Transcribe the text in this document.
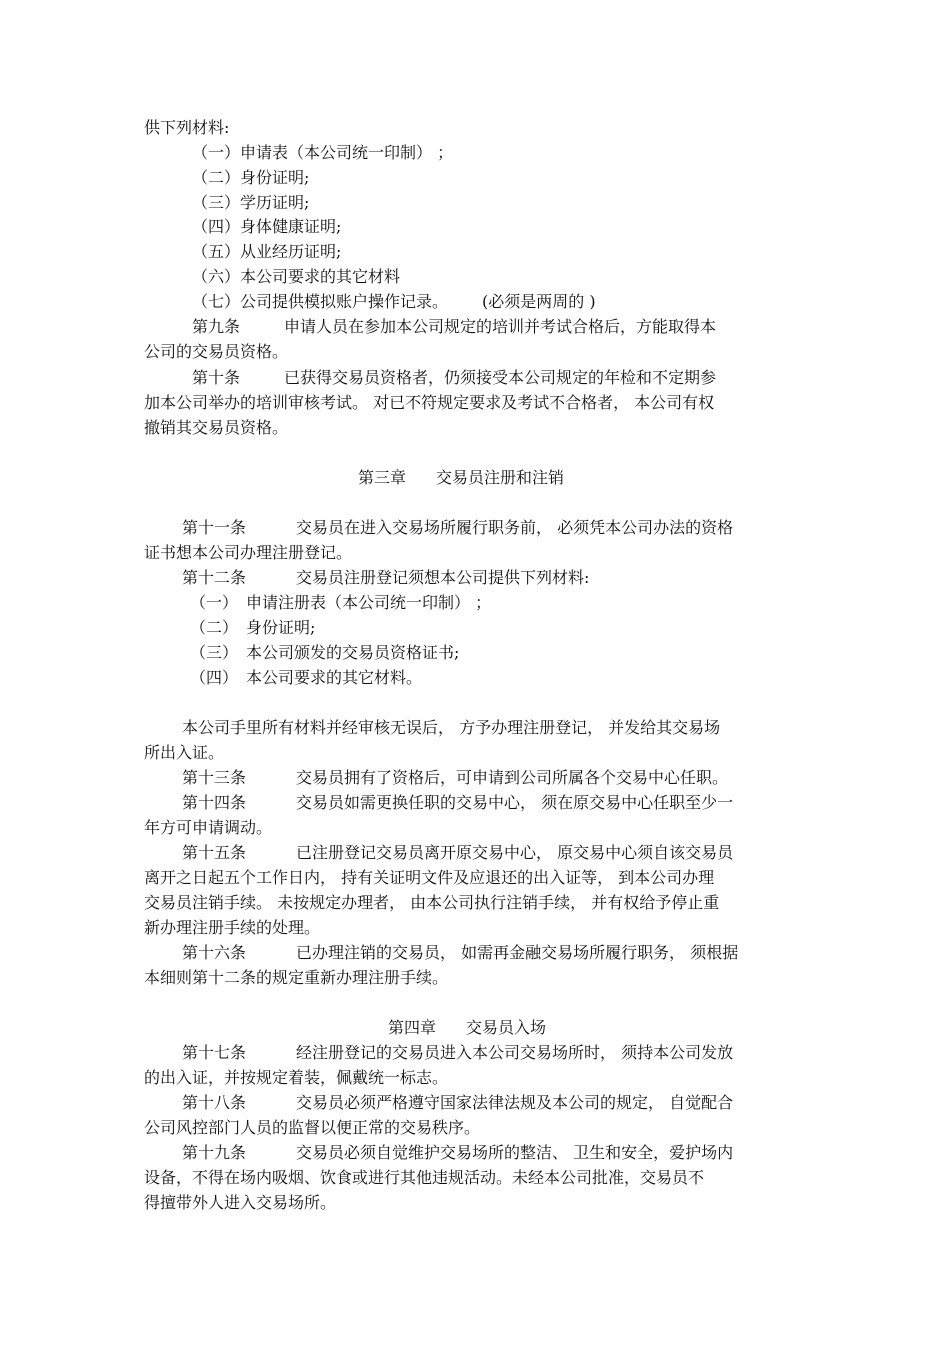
供下列材料:

（一）申请表（本公司统一印制） ；

（二）身份证明;

（三）学历证明;

（四）身体健康证明;

（五）从业经历证明;

（六）本公司要求的其它材料

（七）公司提供模拟账户操作记录。 (必须是两周的 )

第九条	申请人员在参加本公司规定的培训并考试合格后，方能取得本

公司的交易员资格。

第十条	已获得交易员资格者，仍须接受本公司规定的年检和不定期参

加本公司举办的培训审核考试。 对已不符规定要求及考试不合格者， 本公司有权

撤销其交易员资格。

第三章 交易员注册和注销

第十一条	交易员在进入交易场所履行职务前， 必须凭本公司办法的资格

证书想本公司办理注册登记。

第十二条	交易员注册登记须想本公司提供下列材料:

（一） 申请注册表（本公司统一印制） ；

（二） 身份证明;

（三） 本公司颁发的交易员资格证书;

（四） 本公司要求的其它材料。

本公司手里所有材料并经审核无误后， 方予办理注册登记， 并发给其交易场

所出入证。

第十三条	交易员拥有了资格后，可申请到公司所属各个交易中心任职。

第十四条	交易员如需更换任职的交易中心， 须在原交易中心任职至少一

年方可申请调动。

第十五条	已注册登记交易员离开原交易中心， 原交易中心须自该交易员

离开之日起五个工作日内， 持有关证明文件及应退还的出入证等， 到本公司办理

交易员注销手续。 未按规定办理者， 由本公司执行注销手续， 并有权给予停止重

新办理注册手续的处理。

第十六条	已办理注销的交易员， 如需再金融交易场所履行职务， 须根据

本细则第十二条的规定重新办理注册手续。

第四章 交易员入场

第十七条	经注册登记的交易员进入本公司交易场所时， 须持本公司发放

的出入证，并按规定着装，佩戴统一标志。

第十八条	交易员必须严格遵守国家法律法规及本公司的规定， 自觉配合

公司风控部门人员的监督以便正常的交易秩序。

第十九条	交易员必须自觉维护交易场所的整洁、 卫生和安全，爱护场内

设备，不得在场内吸烟、饮食或进行其他违规活动。未经本公司批准，交易员不

得擅带外人进入交易场所。
